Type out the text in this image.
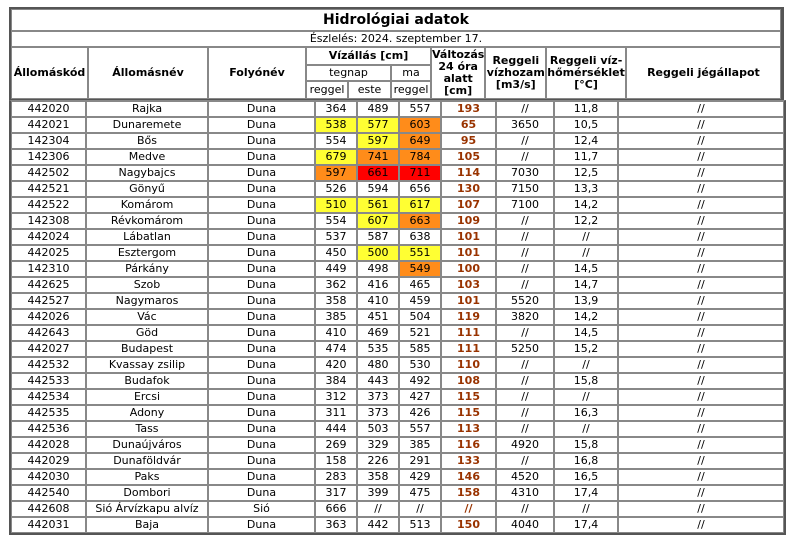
Hidrológiai adatok									
Észlelés: 2024. szeptember 17.									
Állomáskód	Állomásnév	Folyónév	Vízállás [cm]			Változás 24 óra alatt [cm]	Reggeli vízhozam [m3/s]	Reggeli víz-hőmérséklet [°C]	Reggeli jégállapot
			tegnap		ma				
			reggel	este	reggel				
442020	Rajka	Duna	364	489	557	193	//	11,8	//
442021	Dunaremete	Duna	538	577	603	65	3650	10,5	//
142304	Bős	Duna	554	597	649	95	//	12,4	//
142306	Medve	Duna	679	741	784	105	//	11,7	//
442502	Nagybajcs	Duna	597	661	711	114	7030	12,5	//
442521	Gönyű	Duna	526	594	656	130	7150	13,3	//
442522	Komárom	Duna	510	561	617	107	7100	14,2	//
142308	Révkomárom	Duna	554	607	663	109	//	12,2	//
442024	Lábatlan	Duna	537	587	638	101	//	//	//
442025	Esztergom	Duna	450	500	551	101	//	//	//
142310	Párkány	Duna	449	498	549	100	//	14,5	//
442625	Szob	Duna	362	416	465	103	//	14,7	//
442527	Nagymaros	Duna	358	410	459	101	5520	13,9	//
442026	Vác	Duna	385	451	504	119	3820	14,2	//
442643	Göd	Duna	410	469	521	111	//	14,5	//
442027	Budapest	Duna	474	535	585	111	5250	15,2	//
442532	Kvassay zsilip	Duna	420	480	530	110	//	//	//
442533	Budafok	Duna	384	443	492	108	//	15,8	//
442534	Ercsi	Duna	312	373	427	115	//	//	//
442535	Adony	Duna	311	373	426	115	//	16,3	//
442536	Tass	Duna	444	503	557	113	//	//	//
442028	Dunaújváros	Duna	269	329	385	116	4920	15,8	//
442029	Dunaföldvár	Duna	158	226	291	133	//	16,8	//
442030	Paks	Duna	283	358	429	146	4520	16,5	//
442540	Dombori	Duna	317	399	475	158	4310	17,4	//
442608	Sió Árvízkapu alvíz	Sió	666	//	//	//	//	//	//
442031	Baja	Duna	363	442	513	150	4040	17,4	//
